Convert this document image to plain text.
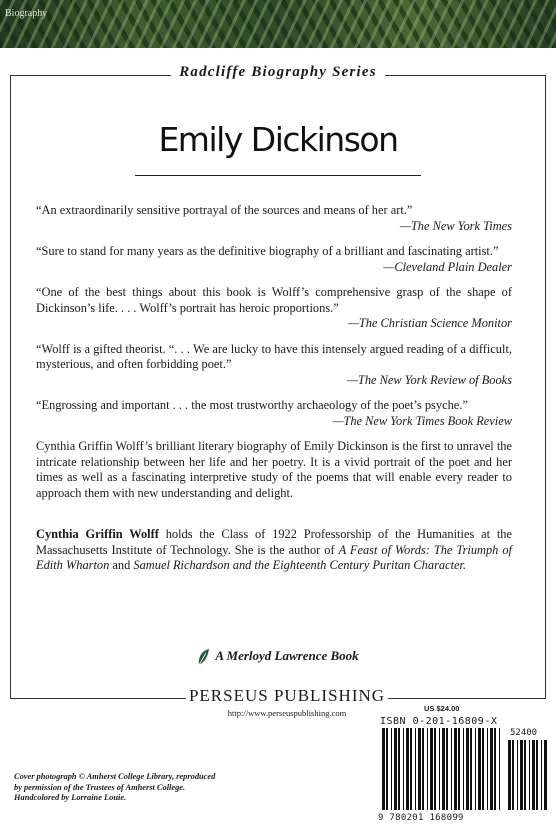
Biography
Radcliffe Biography Series
Emily Dickinson
“An extraordinarily sensitive portrayal of the sources and means of her art.”
—The New York Times
“Sure to stand for many years as the definitive biography of a brilliant and fascinating artist.”
—Cleveland Plain Dealer
“One of the best things about this book is Wolff’s comprehensive grasp of the shape of Dickinson’s life. . . . Wolff’s portrait has heroic proportions.”
—The Christian Science Monitor
“Wolff is a gifted theorist. “. . . We are lucky to have this intensely argued reading of a difficult, mysterious, and often forbidding poet.”
—The New York Review of Books
“Engrossing and important . . . the most trustworthy archaeology of the poet’s psyche.”
—The New York Times Book Review

Cynthia Griffin Wolff’s brilliant literary biography of Emily Dickinson is the first to unravel the intricate relationship between her life and her poetry. It is a vivid portrait of the poet and her times as well as a fascinating interpretive study of the poems that will enable every reader to approach them with new understanding and delight.

Cynthia Griffin Wolff holds the Class of 1922 Professorship of the Humanities at the Massachusetts Institute of Technology. She is the author of A Feast of Words: The Triumph of Edith Wharton and Samuel Richardson and the Eighteenth Century Puritan Character.

A Merloyd Lawrence Book
PERSEUS PUBLISHING
http://www.perseuspublishing.com	US $24.00
ISBN 0-201-16809-X
52400
9 780201 168099
Cover photograph © Amherst College Library, reproduced
by permission of the Trustees of Amherst College.
Handcolored by Lorraine Louie.
